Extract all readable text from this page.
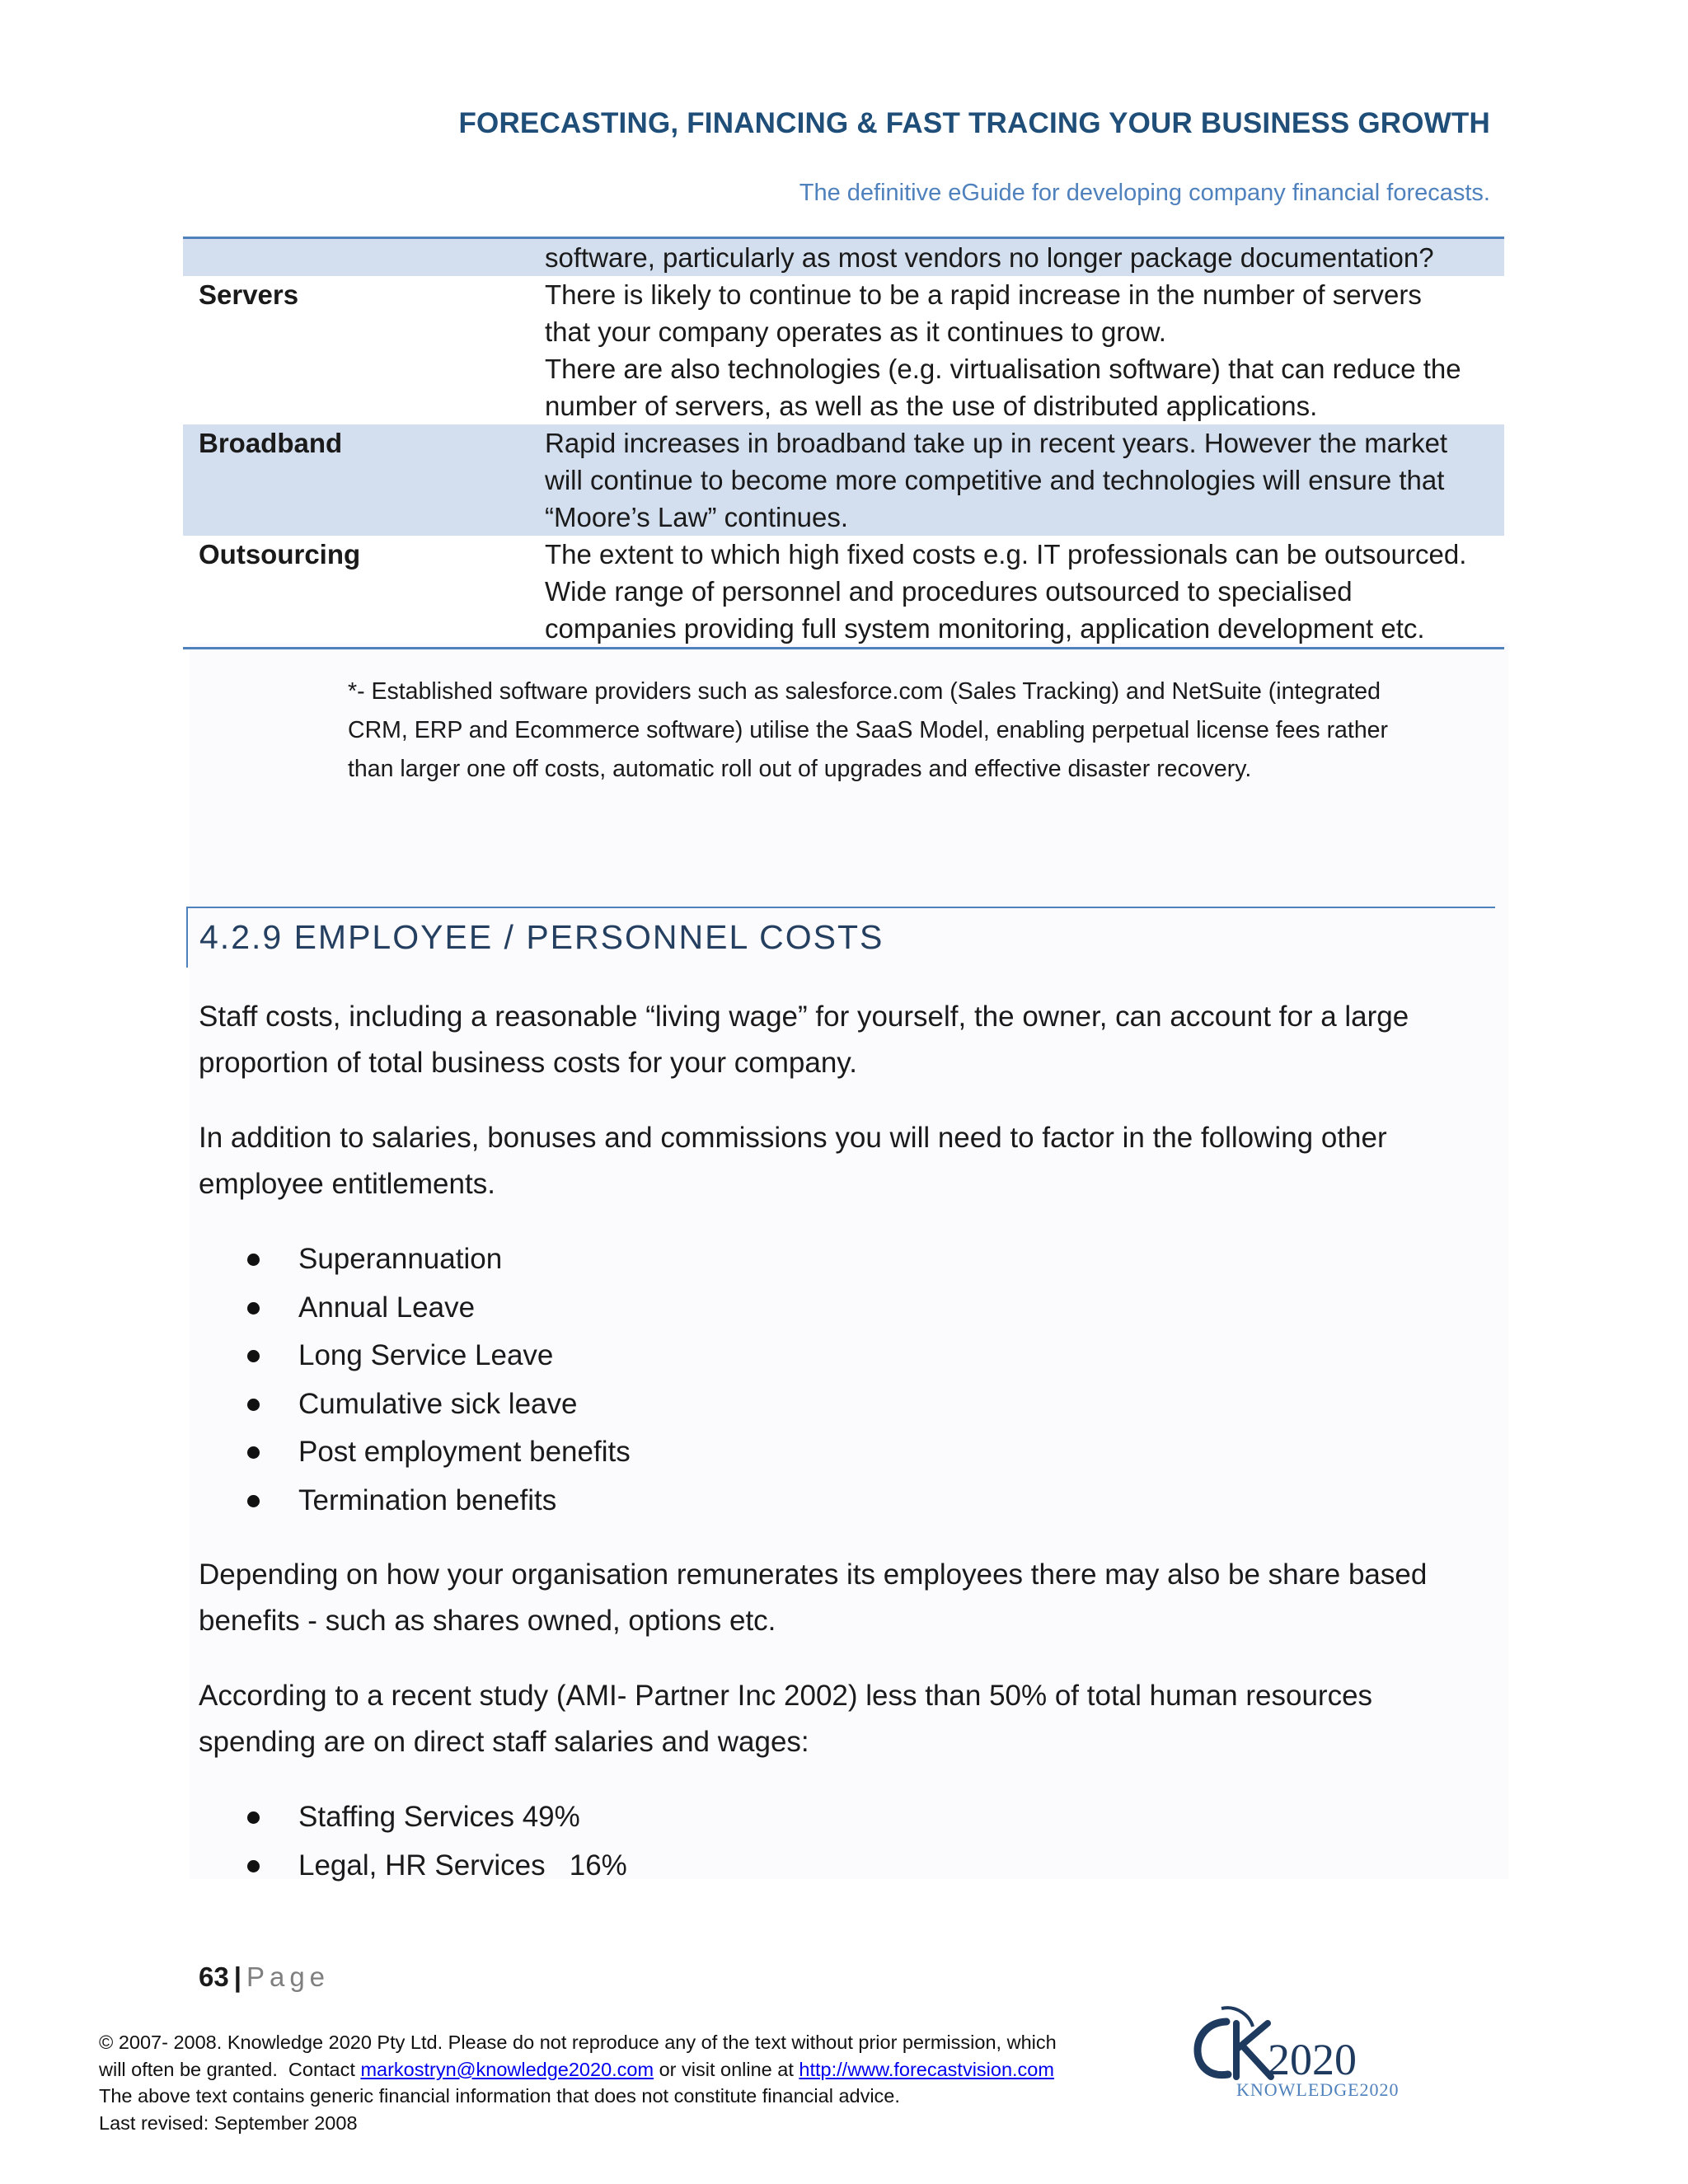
FORECASTING, FINANCING & FAST TRACING YOUR BUSINESS GROWTH
The definitive eGuide for developing company financial forecasts.
	software, particularly as most vendors no longer package documentation?
Servers	There is likely to continue to be a rapid increase in the number of servers
that your company operates as it continues to grow.
There are also technologies (e.g. virtualisation software) that can reduce the
number of servers, as well as the use of distributed applications.

Broadband	Rapid increases in broadband take up in recent years. However the market
will continue to become more competitive and technologies will ensure that
“Moore’s Law” continues.

Outsourcing	The extent to which high fixed costs e.g. IT professionals can be outsourced.
Wide range of personnel and procedures outsourced to specialised
companies providing full system monitoring, application development etc.
*- Established software providers such as salesforce.com (Sales Tracking) and NetSuite (integrated
CRM, ERP and Ecommerce software) utilise the SaaS Model, enabling perpetual license fees rather
than larger one off costs, automatic roll out of upgrades and effective disaster recovery.
4.2.9 EMPLOYEE / PERSONNEL COSTS
Staff costs, including a reasonable “living wage” for yourself, the owner, can account for a large
proportion of total business costs for your company.
In addition to salaries, bonuses and commissions you will need to factor in the following other
employee entitlements.
Superannuation
Annual Leave
Long Service Leave
Cumulative sick leave
Post employment benefits
Termination benefits
Depending on how your organisation remunerates its employees there may also be share based
benefits - such as shares owned, options etc.
According to a recent study (AMI- Partner Inc 2002) less than 50% of total human resources
spending are on direct staff salaries and wages:
Staffing Services 49%
Legal, HR Services   16%
63 | Page
© 2007- 2008. Knowledge 2020 Pty Ltd. Please do not reproduce any of the text without prior permission, which
will often be granted.  Contact markostryn@knowledge2020.com or visit online at http://www.forecastvision.com
The above text contains generic financial information that does not constitute financial advice.
Last revised: September 2008
2020
KNOWLEDGE2020
